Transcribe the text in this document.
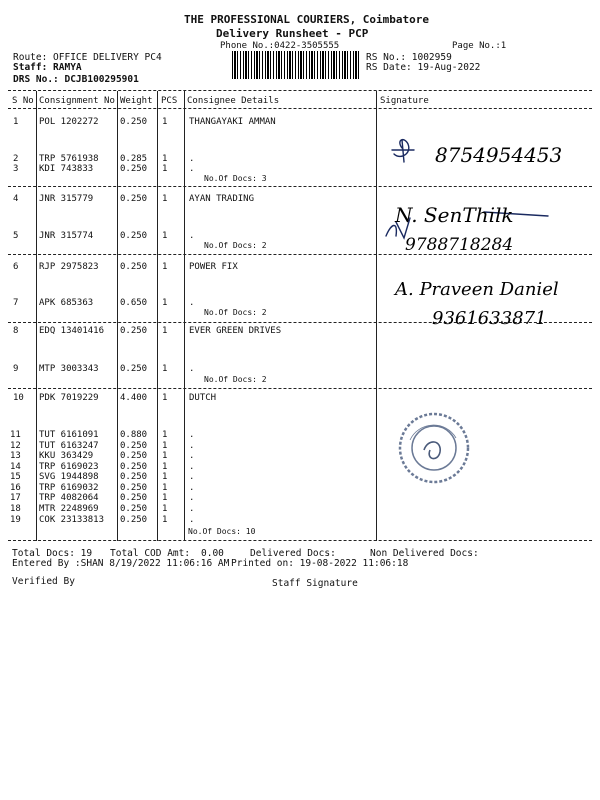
THE PROFESSIONAL COURIERS, Coimbatore
Delivery Runsheet - PCP
Phone No.:0422-3505555	Page No.:1
Route: OFFICE DELIVERY PC4
Staff: RAMYA
DRS No.: DCJB100295901
RS No.: 1002959
RS Date: 19-Aug-2022
S No Consignment No Weight PCS Consignee Details	Signature
1 POL 1202272 0.250 1 THANGAYAKI AMMAN
2 TRP 5761938 0.285 1 .
3 KDI 743833	0.250 1 .
No.Of Docs: 3
4 JNR 315779	0.250 1 AYAN TRADING
5 JNR 315774	0.250 1 .
No.Of Docs: 2
6 RJP 2975823 0.250 1 POWER FIX
7 APK 685363	0.650 1 .
No.Of Docs: 2
8 EDQ 13401416 0.250 1 EVER GREEN DRIVES
9 MTP 3003343 0.250 1 .
No.Of Docs: 2
10 PDK 7019229 4.400 1 DUTCH
11 TUT 6161091 0.880 1 .
12 TUT 6163247 0.250 1 .
13 KKU 363429	0.250 1 .
14 TRP 6169023 0.250 1 .
15 SVG 1944898 0.250 1 .
16 TRP 6169032 0.250 1 .
17 TRP 4082064 0.250 1 .
18 MTR 2248969 0.250 1 .
19 COK 23133813 0.250 1 .
No.Of Docs: 10
8754954453
N. SenThilk
9788718284
A. Praveen Daniel
9361633871
Total Docs: 19 Total COD Amt: 0.00	Delivered Docs:	Non Delivered Docs:
Entered By :SHAN 8/19/2022 11:06:16 AM Printed on: 19-08-2022 11:06:18
Verified By	Staff Signature
